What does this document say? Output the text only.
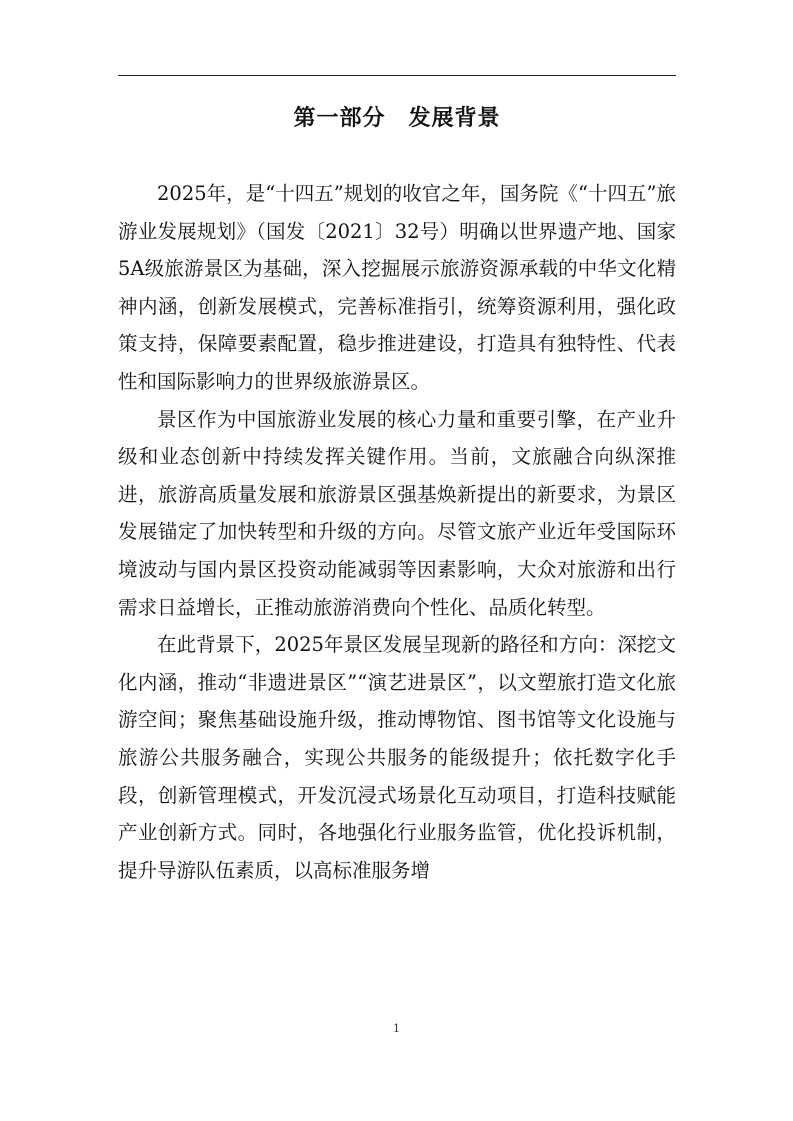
第一部分　发展背景

2025年，是“十四五”规划的收官之年，国务院《“十四五”旅游业发展规划》（国发〔2021〕32号）明确以世界遗产地、国家5A级旅游景区为基础，深入挖掘展示旅游资源承载的中华文化精神内涵，创新发展模式，完善标准指引，统筹资源利用，强化政策支持，保障要素配置，稳步推进建设，打造具有独特性、代表性和国际影响力的世界级旅游景区。

景区作为中国旅游业发展的核心力量和重要引擎，在产业升级和业态创新中持续发挥关键作用。当前，文旅融合向纵深推进，旅游高质量发展和旅游景区强基焕新提出的新要求，为景区发展锚定了加快转型和升级的方向。尽管文旅产业近年受国际环境波动与国内景区投资动能减弱等因素影响，大众对旅游和出行需求日益增长，正推动旅游消费向个性化、品质化转型。

在此背景下，2025年景区发展呈现新的路径和方向：深挖文化内涵，推动“非遗进景区”“演艺进景区”，以文塑旅打造文化旅游空间；聚焦基础设施升级，推动博物馆、图书馆等文化设施与旅游公共服务融合，实现公共服务的能级提升；依托数字化手段，创新管理模式，开发沉浸式场景化互动项目，打造科技赋能产业创新方式。同时，各地强化行业服务监管，优化投诉机制，提升导游队伍素质，以高标准服务增

1
